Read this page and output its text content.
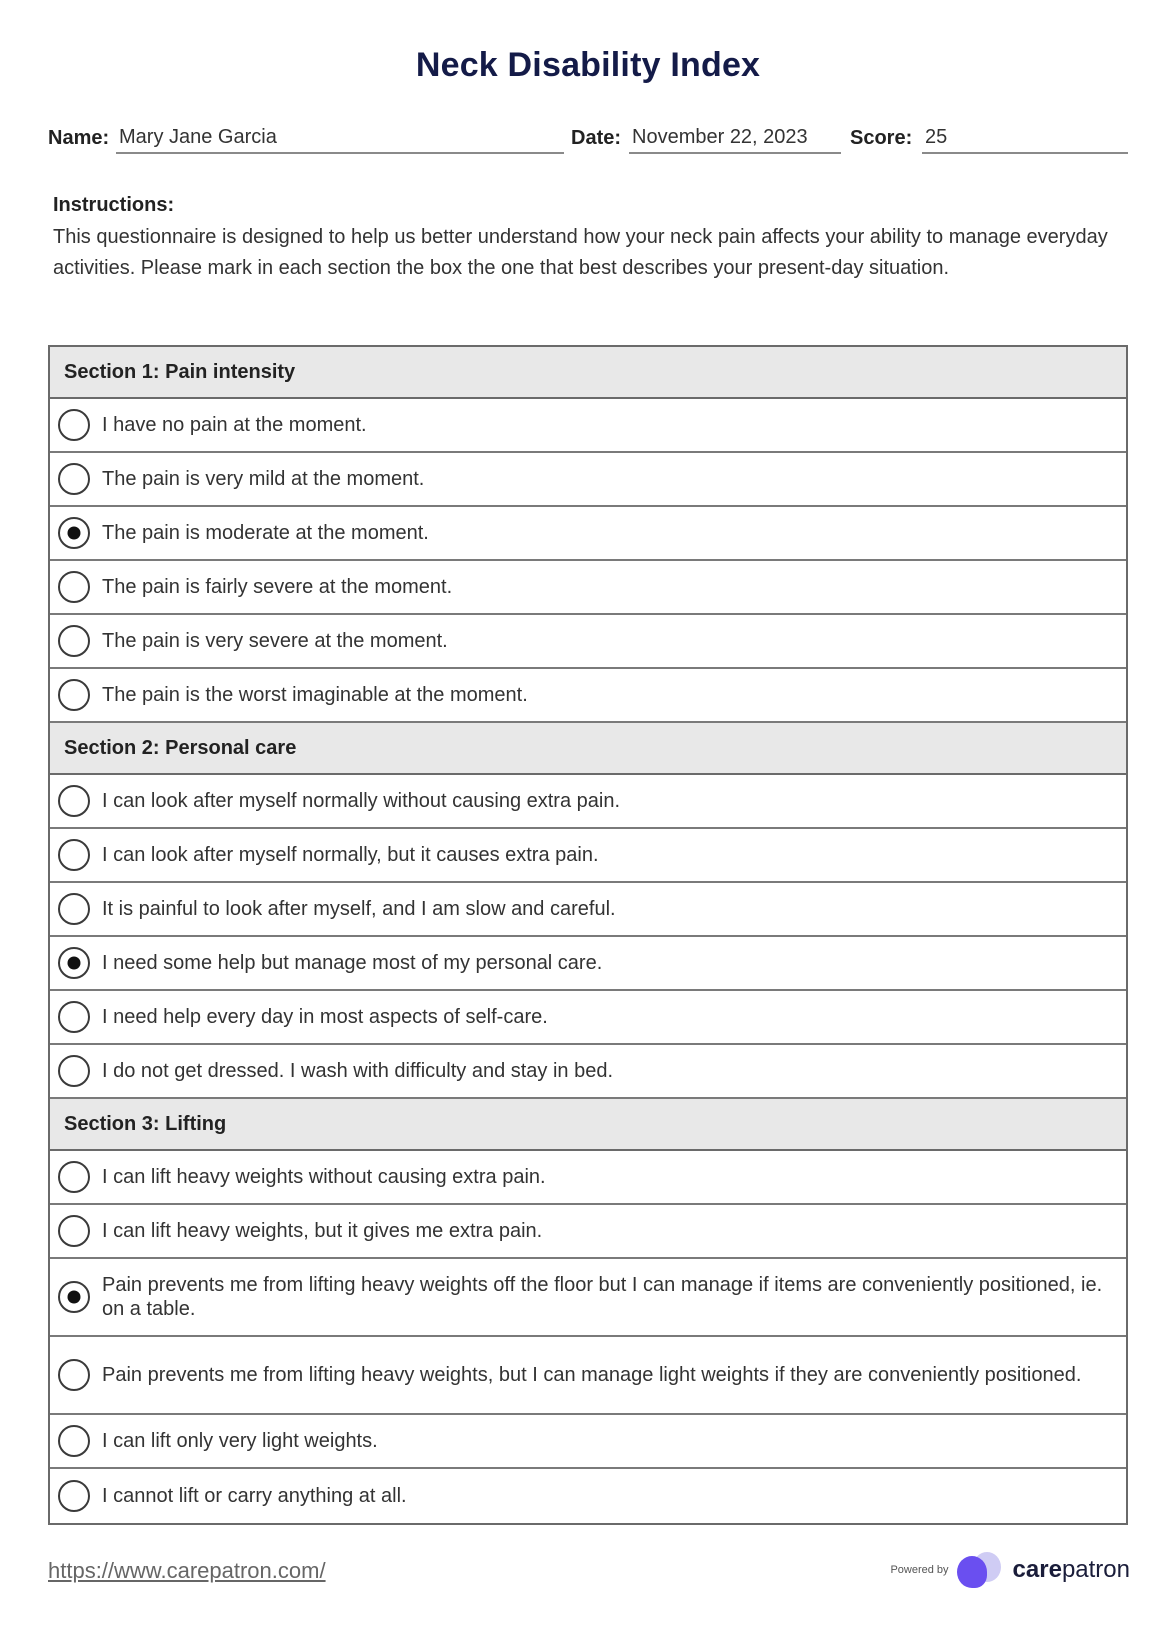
Neck Disability Index
Name: Mary Jane Garcia	Date: November 22, 2023	Score: 25
Instructions:
This questionnaire is designed to help us better understand how your neck pain affects your ability to manage everyday activities. Please mark in each section the box the one that best describes your present-day situation.
Section 1: Pain intensity
I have no pain at the moment.
The pain is very mild at the moment.
The pain is moderate at the moment.
The pain is fairly severe at the moment.
The pain is very severe at the moment.
The pain is the worst imaginable at the moment.
Section 2: Personal care
I can look after myself normally without causing extra pain.
I can look after myself normally, but it causes extra pain.
It is painful to look after myself, and I am slow and careful.
I need some help but manage most of my personal care.
I need help every day in most aspects of self-care.
I do not get dressed. I wash with difficulty and stay in bed.
Section 3: Lifting
I can lift heavy weights without causing extra pain.
I can lift heavy weights, but it gives me extra pain.
Pain prevents me from lifting heavy weights off the floor but I can manage if items are conveniently positioned, ie. on a table.
Pain prevents me from lifting heavy weights, but I can manage light weights if they are conveniently positioned.
I can lift only very light weights.
I cannot lift or carry anything at all.
https://www.carepatron.com/	Powered by	carepatron
